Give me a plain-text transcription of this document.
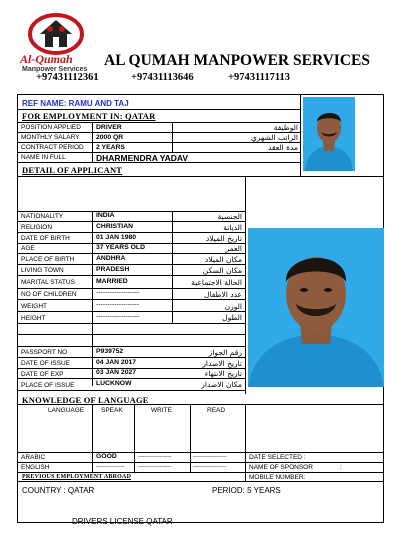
Al-Qumah
Manpower Services
AL QUMAH MANPOWER SERVICES
+97431112361	+97431113646	+97431117113
REF NAME: RAMU AND TAJ
FOR EMPLOYMENT IN: QATAR
POSITION APPLIED DRIVER	الوظيفة
MONTHLY SALARY 2000 QR	الراتب الشهري
CONTRACT PERIOD 2 YEARS	مدة العقد
NAME IN FULL	DHARMENDRA YADAV
DETAIL OF APPLICANT
NATIONALITY	INDIA	الجنسية
RELIGION	CHRISTIAN	الديانة
DATE OF BIRTH	01 JAN 1980	تاريخ الميلاد
AGE	37 YEARS OLD	العمر
PLACE OF BIRTH	ANDHRA	مكان الميلاد
LIVING TOWN	PRADESH	مكان السكن
MARITAL STATUS	MARRIED	الحالة الاجتماعية
NO OF CHILDREN	-------------------	عدد الاطفال
WEIGHT	-------------------	الوزن
HEIGHT	-------------------	الطول
PASSPORT NO	P939752	رقم الجواز
DATE OF ISSUE	04 JAN 2017	تاريخ الاصدار
DATE OF EXP	03 JAN 2027	تاريخ الانتهاء
PLACE OF ISSUE	LUCKNOW	مكان الاصدار
KNOWLEDGE OF LANGUAGE
LANGUAGE	SPEAK	WRITE	READ
ARABIC	GOOD	--------------------	--------------------	DATE SELECTED :
ENGLISH	-----------------	--------------------	--------------------	NAME OF SPONSOR	:
PREVIOUS EMPLOYMENT ABROAD	MOBILE NUMBER:
COUNTRY : QATAR	PERIOD: 5 YEARS
DRIVERS LICENSE QATAR
